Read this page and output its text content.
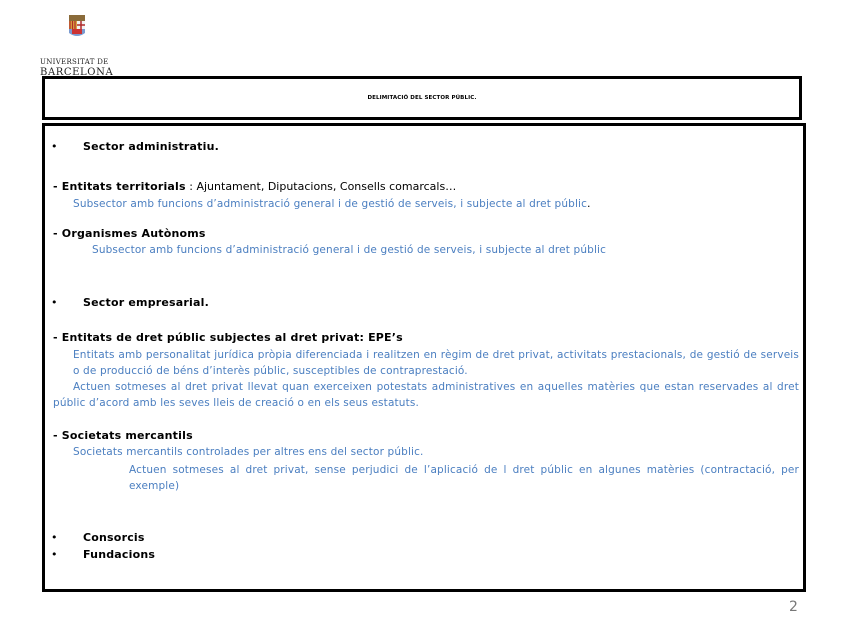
UNIVERSITAT DE
BARCELONA
DELIMITACIÓ DEL SECTOR PÚBLIC.
• Sector administratiu.
- Entitats territorials : Ajuntament, Diputacions, Consells comarcals…
Subsector amb funcions d’administració general i de gestió de serveis, i subjecte al dret públic.
- Organismes Autònoms
Subsector amb funcions d’administració general i de gestió de serveis, i subjecte al dret públic
• Sector empresarial.
- Entitats de dret públic subjectes al dret privat: EPE’s
Entitats amb personalitat jurídica pròpia diferenciada i realitzen en règim de dret privat, activitats prestacionals, de gestió de serveis o de producció de béns d’interès públic, susceptibles de contraprestació.
Actuen sotmeses al dret privat llevat quan exerceixen potestats administratives en aquelles matèries que estan reservades al dret públic d’acord amb les seves lleis de creació o en els seus estatuts.
- Societats mercantils
Societats mercantils controlades per altres ens del sector públic.
Actuen sotmeses al dret privat, sense perjudici de l’aplicació de l dret públic en algunes matèries (contractació, per exemple)
• Consorcis
• Fundacions
2
